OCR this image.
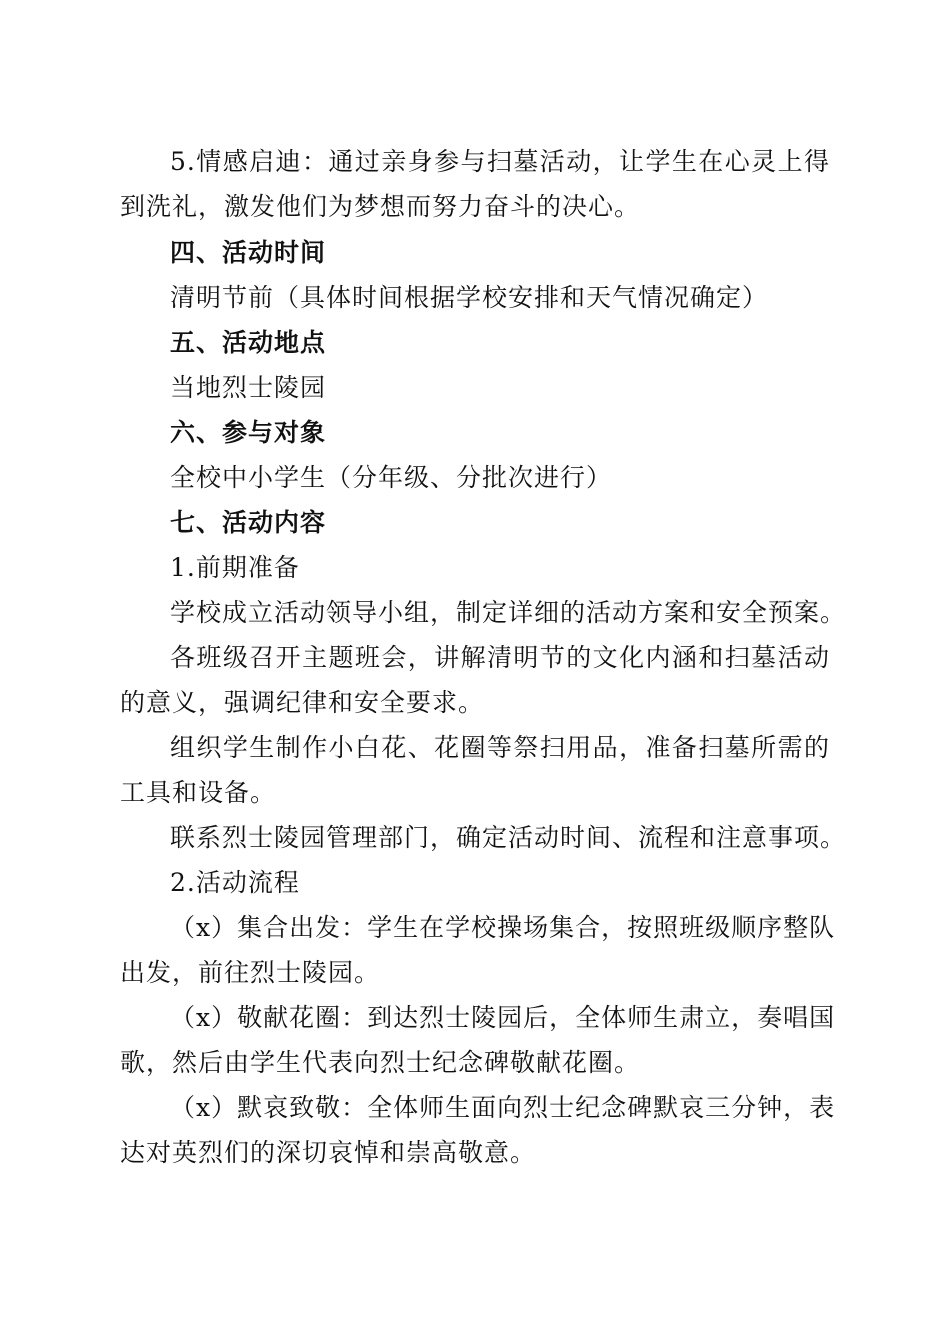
5.情感启迪：通过亲身参与扫墓活动，让学生在心灵上得
到洗礼，激发他们为梦想而努力奋斗的决心。
四、活动时间
清明节前（具体时间根据学校安排和天气情况确定）
五、活动地点
当地烈士陵园
六、参与对象
全校中小学生（分年级、分批次进行）
七、活动内容
1.前期准备
学校成立活动领导小组，制定详细的活动方案和安全预案。
各班级召开主题班会，讲解清明节的文化内涵和扫墓活动
的意义，强调纪律和安全要求。
组织学生制作小白花、花圈等祭扫用品，准备扫墓所需的
工具和设备。
联系烈士陵园管理部门，确定活动时间、流程和注意事项。
2.活动流程
（x）集合出发：学生在学校操场集合，按照班级顺序整队
出发，前往烈士陵园。
（x）敬献花圈：到达烈士陵园后，全体师生肃立，奏唱国
歌，然后由学生代表向烈士纪念碑敬献花圈。
（x）默哀致敬：全体师生面向烈士纪念碑默哀三分钟，表
达对英烈们的深切哀悼和崇高敬意。
